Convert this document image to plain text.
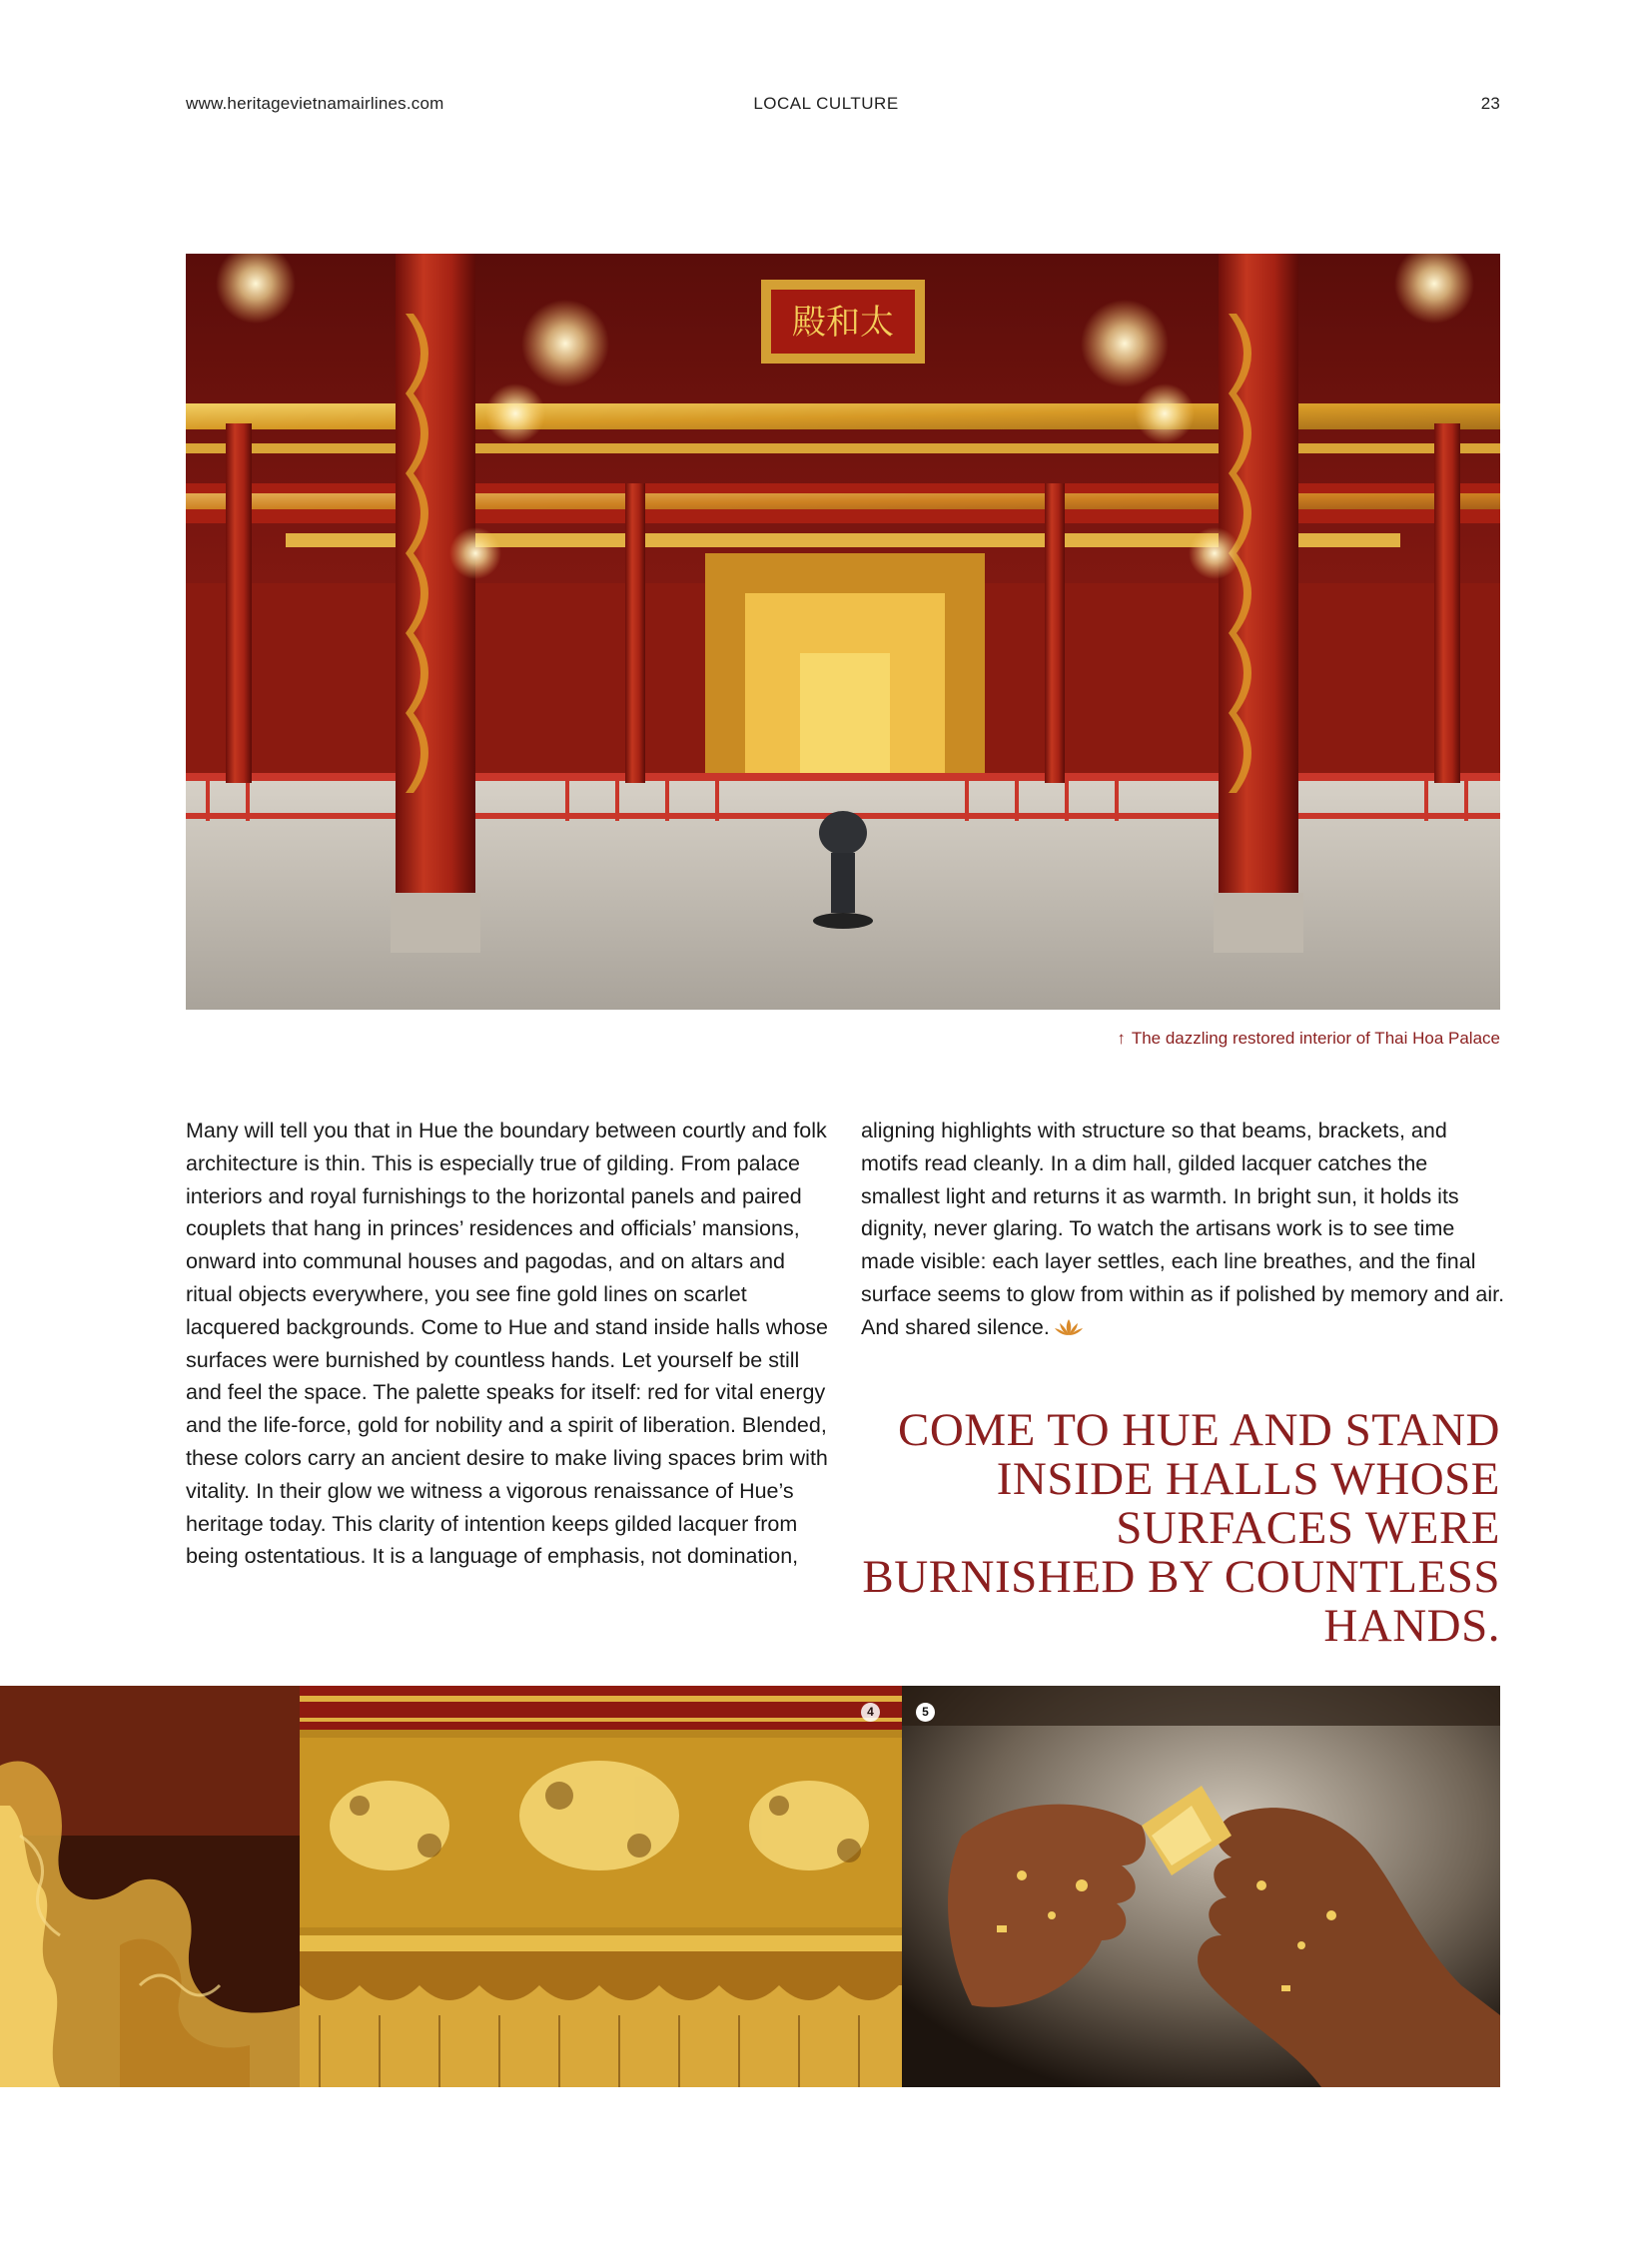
www.heritagevietnamairlines.com	LOCAL CULTURE	23
殿和太
↑ The dazzling restored interior of Thai Hoa Palace

Many will tell you that in Hue the boundary between courtly and folk architecture is thin. This is especially true of gilding. From palace interiors and royal furnishings to the horizontal panels and paired couplets that hang in princes’ residences and officials’ mansions, onward into communal houses and pagodas, and on altars and ritual objects everywhere, you see fine gold lines on scarlet lacquered backgrounds. Come to Hue and stand inside halls whose surfaces were burnished by countless hands. Let yourself be still and feel the space. The palette speaks for itself: red for vital energy and the life-force, gold for nobility and a spirit of liberation. Blended, these colors carry an ancient desire to make living spaces brim with vitality. In their glow we witness a vigorous renaissance of Hue’s heritage today. This clarity of intention keeps gilded lacquer from being ostentatious. It is a language of emphasis, not domination,

aligning highlights with structure so that beams, brackets, and motifs read cleanly. In a dim hall, gilded lacquer catches the smallest light and returns it as warmth. In bright sun, it holds its dignity, never glaring. To watch the artisans work is to see time made visible: each layer settles, each line breathes, and the final surface seems to glow from within as if polished by memory and air. And shared silence.

COME TO HUE AND STAND INSIDE HALLS WHOSE SURFACES WERE BURNISHED BY COUNTLESS HANDS.
4	5
